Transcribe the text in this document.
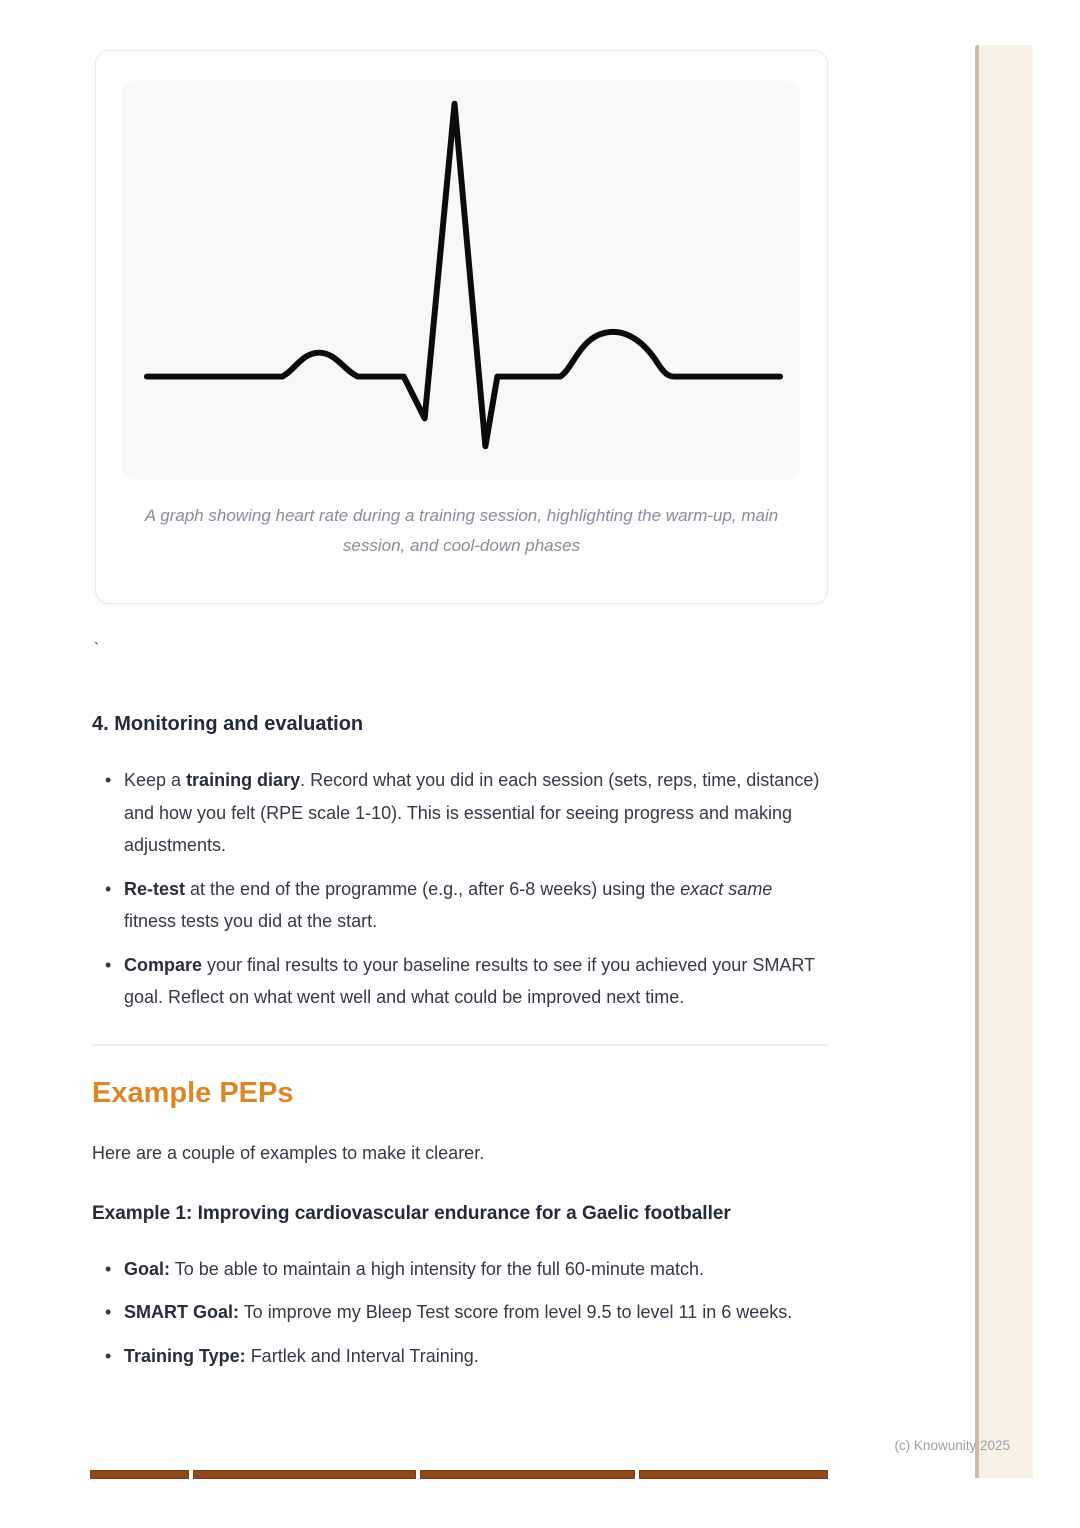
A graph showing heart rate during a training session, highlighting the warm-up, main session, and cool-down phases
`
4. Monitoring and evaluation
• Keep a training diary. Record what you did in each session (sets, reps, time, distance) and how you felt (RPE scale 1-10). This is essential for seeing progress and making adjustments.
• Re-test at the end of the programme (e.g., after 6-8 weeks) using the exact same fitness tests you did at the start.
• Compare your final results to your baseline results to see if you achieved your SMART goal. Reflect on what went well and what could be improved next time.
Example PEPs

Here are a couple of examples to make it clearer.

Example 1: Improving cardiovascular endurance for a Gaelic footballer
• Goal: To be able to maintain a high intensity for the full 60-minute match.
• SMART Goal: To improve my Bleep Test score from level 9.5 to level 11 in 6 weeks.
• Training Type: Fartlek and Interval Training.
(c) Knowunity 2025
